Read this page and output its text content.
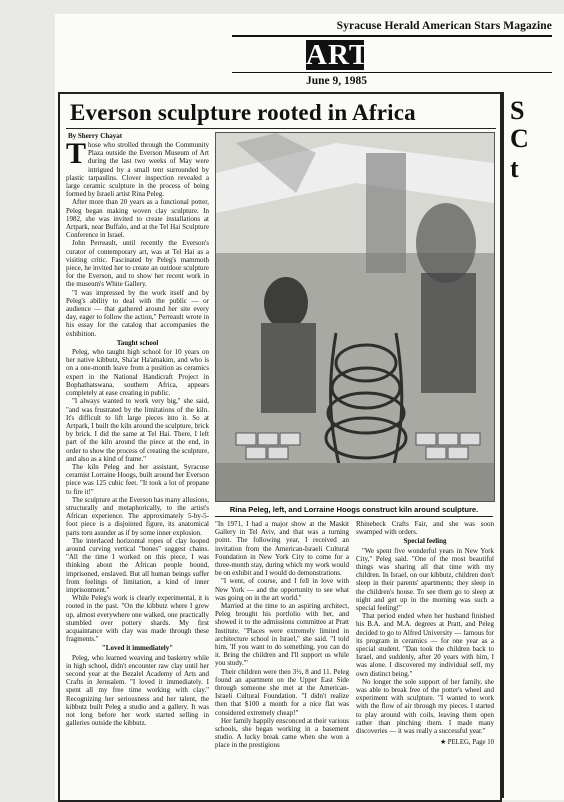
Syracuse Herald American Stars Magazine
ART
June 9, 1985
Everson sculpture rooted in Africa
By Sherry Chayat

Those who strolled through the Community Plaza outside the Everson Museum of Art during the last two weeks of May were intrigued by a small tent surrounded by plastic tarpaulins. Clover inspection revealed a large ceramic sculpture in the process of being formed by Israeli artist Rina Peleg.

After more than 20 years as a functional potter, Peleg began making woven clay sculpture. In 1982, she was invited to create installations at Artpark, near Buffalo, and at the Tel Hai Sculpture Conference in Israel.

John Perreault, until recently the Everson's curator of contemporary art, was at Tel Hai as a visiting critic. Fascinated by Peleg's mammoth piece, he invited her to create an outdoor sculpture for the Everson, and to show her recent work in the museum's White Gallery.

"I was impressed by the work itself and by Peleg's ability to deal with the public — or audience — that gathered around her site every day, eager to follow the action," Perreault wrote in his essay for the catalog that accompanies the exhibition.

Taught school

Peleg, who taught high school for 10 years on her native kibbutz, Sha'ar Ha'amakim, and who is on a one-month leave from a position as ceramics expert in the National Handicraft Project in Bophathatswana, southern Africa, appears completely at ease creating in public.

"I always wanted to work very big," she said, "and was frustrated by the limitations of the kiln. It's difficult to lift large pieces into it. So at Artpark, I built the kiln around the sculpture, brick by brick. I did the same at Tel Hai. There, I left part of the kiln around the piece at the end, in order to show the process of creating the sculpture, and also as a kind of frame."

The kiln Peleg and her assistant, Syracuse ceramist Lorraine Hoogs, built around her Everson piece was 125 cubic feet. "It took a lot of propane to fire it!"

The sculpture at the Everson has many allusions, structurally and metaphorically, to the artist's African experience. The approximately 5-by-5-foot piece is a disjointed figure, its anatomical parts torn asunder as if by some inner explosion.

The interlaced horizontal ropes of clay looped around curving vertical "bones" suggest chains. "All the time I worked on this piece, I was thinking about the African people bound, imprisoned, enslaved. But all human beings suffer from feelings of limitation, a kind of inner imprisonment."

While Peleg's work is clearly experimental, it is rooted in the past. "On the kibbutz where I grew up, almost everywhere one walked, one practically stumbled over pottery shards. My first acquaintance with clay was made through these fragments."

"Loved it immediately"

Peleg, who learned weaving and basketry while in high school, didn't encounter raw clay until her second year at the Bezalel Academy of Arts and Crafts in Jerusalem. "I loved it immediately. I spent all my free time working with clay." Recognizing her seriousness and her talent, the kibbutz built Peleg a studio and a gallery. It was not long before her work started selling in galleries outside the kibbutz.

Rina Peleg, left, and Lorraine Hoogs construct kiln around sculpture.

"In 1971, I had a major show at the Maskit Gallery in Tel Aviv, and that was a turning point. The following year, I received an invitation from the American-Israeli Cultural Foundation in New York City to come for a three-month stay, during which my work would be on exhibit and I would do demonstrations.

"I went, of course, and I fell in love with New York — and the opportunity to see what was going on in the art world."

Married at the time to an aspiring architect, Peleg brought his portfolio with her, and showed it to the admissions committee at Pratt Institute. "Places were extremely limited in architecture school in Israel," she said. "I told him, 'If you want to do something, you can do it. Bring the children and I'll support us while you study.'"

Their children were then 3½, 8 and 11. Peleg found an apartment on the Upper East Side through someone she met at the American-Israeli Cultural Foundation. "I didn't realize then that $100 a month for a nice flat was considered extremely cheap!"

Her family happily ensconced at their various schools, she began working in a basement studio. A lucky break came when she won a place in the prestigious

Rhinebeck Crafts Fair, and she was soon swamped with orders.

Special feeling

"We spent five wonderful years in New York City," Peleg said. "One of the most beautiful things was sharing all that time with my children. In Israel, on our kibbutz, children don't sleep in their parents' apartments; they sleep in the children's house. To see them go to sleep at night and get up in the morning was such a special feeling!"

That period ended when her husband finished his B.A. and M.A. degrees at Pratt, and Peleg decided to go to Alfred University — famous for its program in ceramics — for one year as a special student. "Dan took the children back to Israel, and suddenly, after 20 years with him, I was alone. I discovered my individual self, my own distinct being."

No longer the sole support of her family, she was able to break free of the potter's wheel and experiment with sculpture. "I wanted to work with the flow of air through my pieces. I started to play around with coils, leaving them open rather than pinching them. I made many discoveries — it was really a successful year."

★ PELEG, Page 10
S
C
t
